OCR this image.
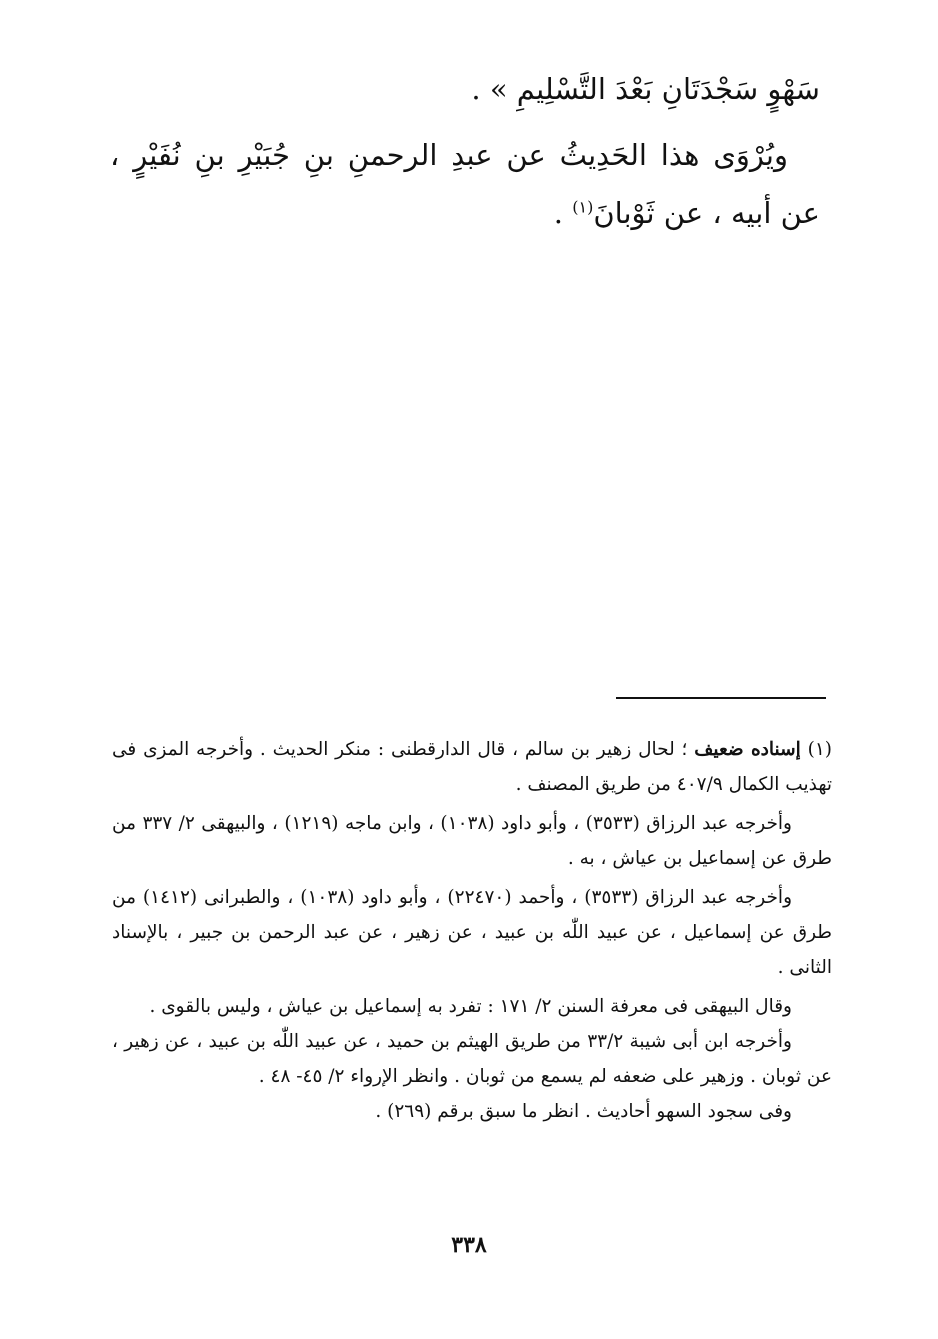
سَهْوٍ سَجْدَتَانِ بَعْدَ التَّسْلِيمِ » .

ويُرْوَى هذا الحَدِيثُ عن عبدِ الرحمنِ بنِ جُبَيْرِ بنِ نُفَيْرٍ ، عن أبيه ، عن ثَوْبانَ$^{(١)}$ .

(١) إسناده ضعيف ؛ لحال زهير بن سالم ، قال الدارقطنى : منكر الحديث . وأخرجه المزى فى تهذيب الكمال ٤٠٧/٩ من طريق المصنف .

وأخرجه عبد الرزاق (٣٥٣٣) ، وأبو داود (١٠٣٨) ، وابن ماجه (١٢١٩) ، والبيهقى ٢/ ٣٣٧ من طرق عن إسماعيل بن عياش ، به .

وأخرجه عبد الرزاق (٣٥٣٣) ، وأحمد (٢٢٤٧٠) ، وأبو داود (١٠٣٨) ، والطبرانى (١٤١٢) من طرق عن إسماعيل ، عن عبيد اللّٰه بن عبيد ، عن زهير ، عن عبد الرحمن بن جبير ، بالإسناد الثانى .

وقال البيهقى فى معرفة السنن ٢/ ١٧١ : تفرد به إسماعيل بن عياش ، وليس بالقوى .

وأخرجه ابن أبى شيبة ٣٣/٢ من طريق الهيثم بن حميد ، عن عبيد اللّٰه بن عبيد ، عن زهير ، عن ثوبان . وزهير على ضعفه لم يسمع من ثوبان . وانظر الإرواء ٢/ ٤٥- ٤٨ .

وفى سجود السهو أحاديث . انظر ما سبق برقم (٢٦٩) .

٣٣٨
